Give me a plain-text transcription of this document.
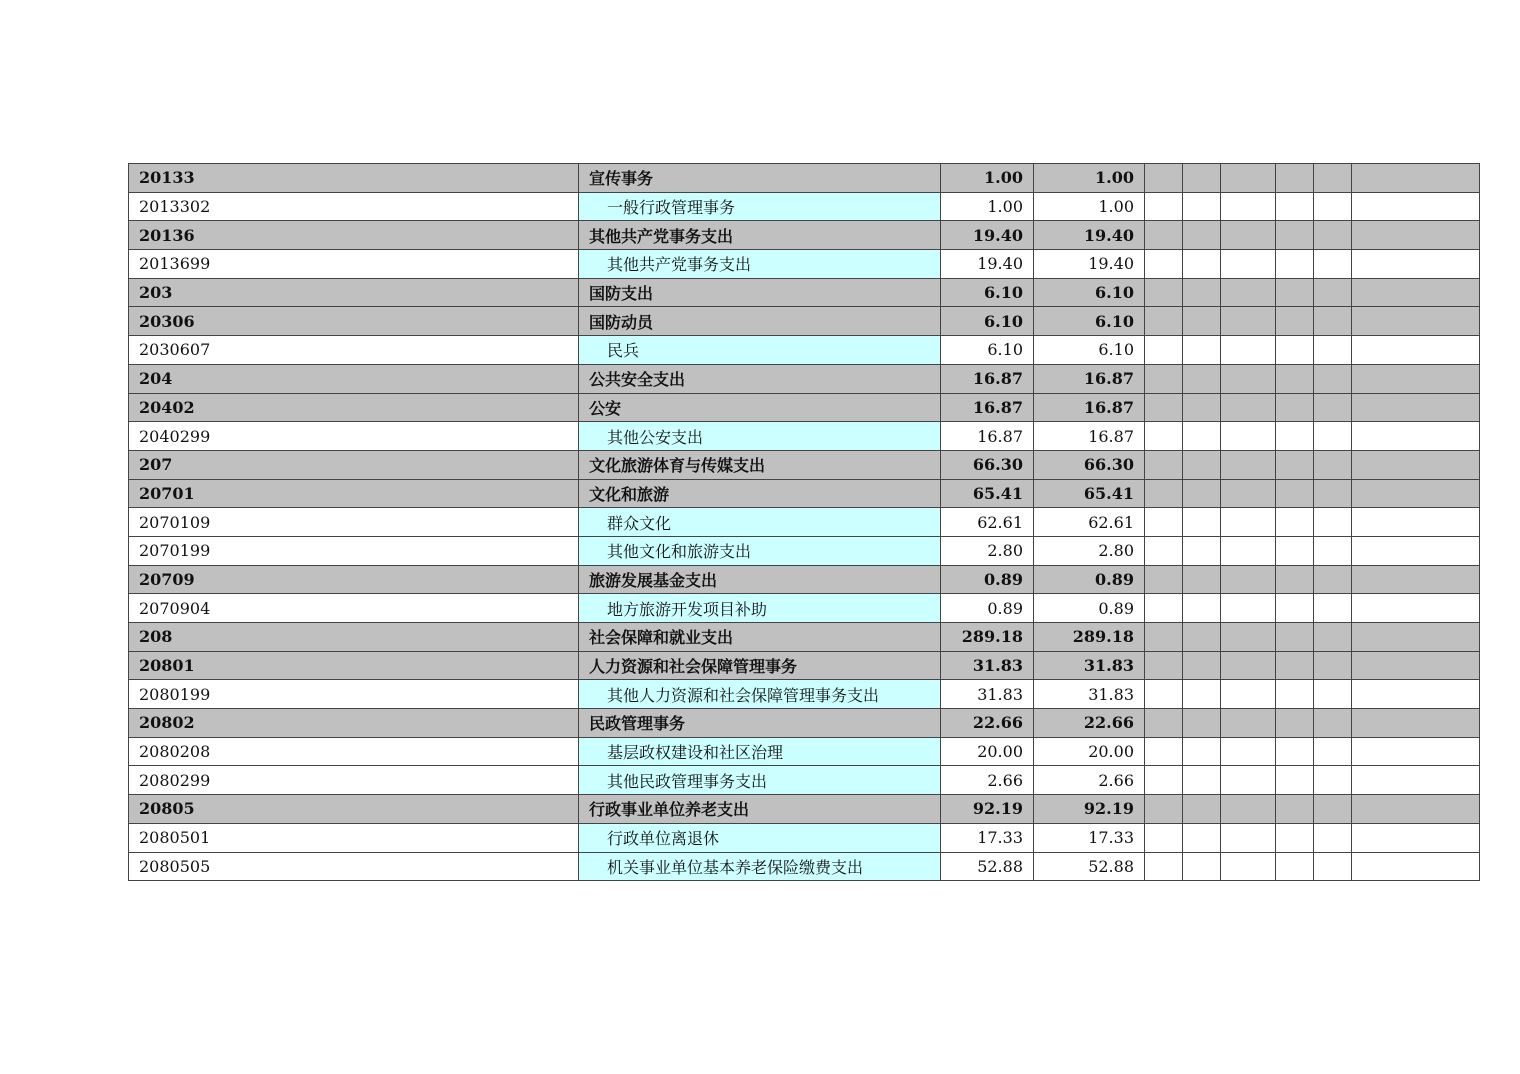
20133	宣传事务	1.00	1.00						
2013302	一般行政管理事务	1.00	1.00						
20136	其他共产党事务支出	19.40	19.40						
2013699	其他共产党事务支出	19.40	19.40						
203	国防支出	6.10	6.10						
20306	国防动员	6.10	6.10						
2030607	民兵	6.10	6.10						
204	公共安全支出	16.87	16.87						
20402	公安	16.87	16.87						
2040299	其他公安支出	16.87	16.87						
207	文化旅游体育与传媒支出	66.30	66.30						
20701	文化和旅游	65.41	65.41						
2070109	群众文化	62.61	62.61						
2070199	其他文化和旅游支出	2.80	2.80						
20709	旅游发展基金支出	0.89	0.89						
2070904	地方旅游开发项目补助	0.89	0.89						
208	社会保障和就业支出	289.18	289.18						
20801	人力资源和社会保障管理事务	31.83	31.83						
2080199	其他人力资源和社会保障管理事务支出	31.83	31.83						
20802	民政管理事务	22.66	22.66						
2080208	基层政权建设和社区治理	20.00	20.00						
2080299	其他民政管理事务支出	2.66	2.66						
20805	行政事业单位养老支出	92.19	92.19						
2080501	行政单位离退休	17.33	17.33						
2080505	机关事业单位基本养老保险缴费支出	52.88	52.88						
